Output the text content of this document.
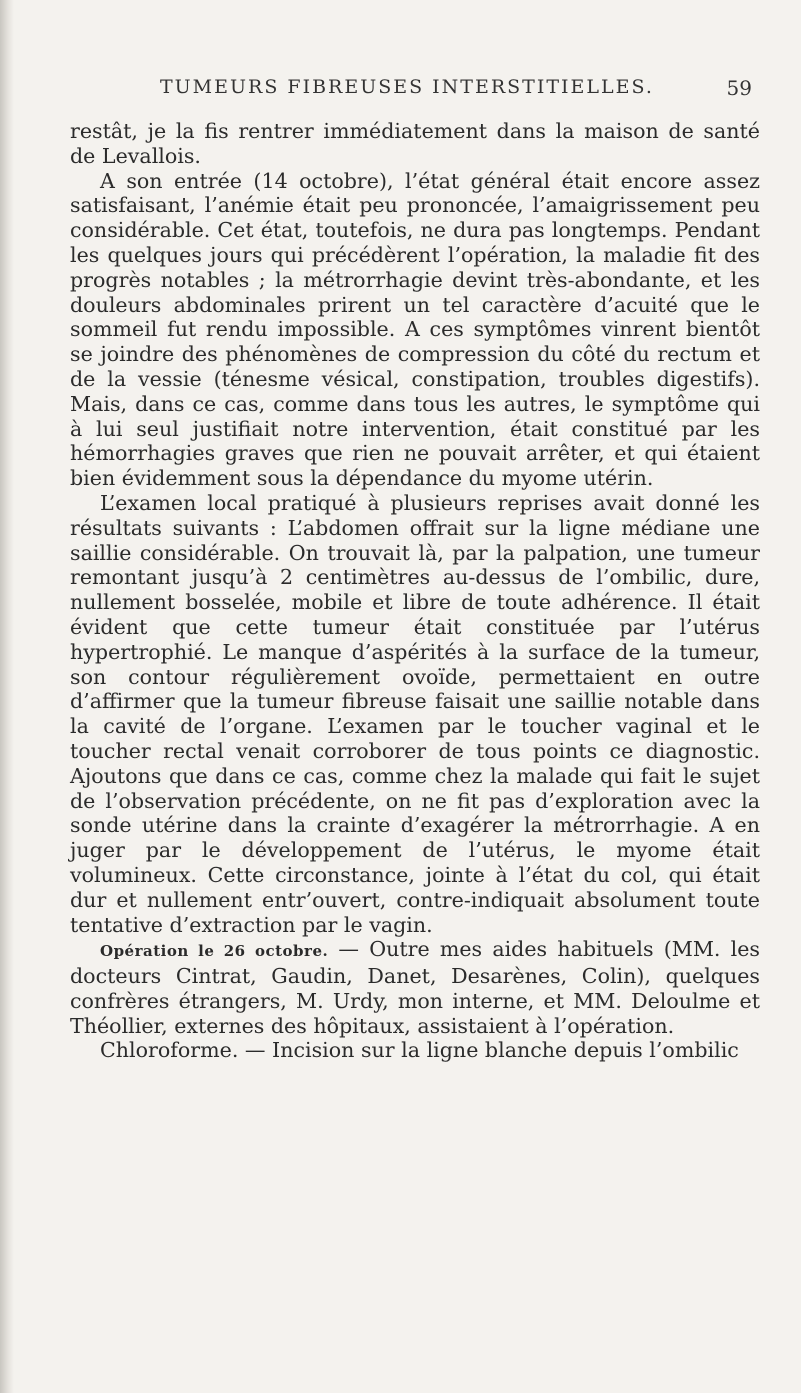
TUMEURS FIBREUSES INTERSTITIELLES.	59

restât, je la fis rentrer immédiatement dans la maison de santé de Levallois.

A son entrée (14 octobre), l’état général était encore assez satisfaisant, l’anémie était peu prononcée, l’amaigrissement peu considérable. Cet état, toutefois, ne dura pas longtemps. Pendant les quelques jours qui précédèrent l’opération, la maladie fit des progrès notables ; la métrorrhagie devint très-abondante, et les douleurs abdominales prirent un tel caractère d’acuité que le sommeil fut rendu impossible. A ces symptômes vinrent bientôt se joindre des phénomènes de compression du côté du rectum et de la vessie (ténesme vésical, constipation, troubles digestifs). Mais, dans ce cas, comme dans tous les autres, le symptôme qui à lui seul justifiait notre intervention, était constitué par les hémorrhagies graves que rien ne pouvait arrêter, et qui étaient bien évidemment sous la dépendance du myome utérin.

L’examen local pratiqué à plusieurs reprises avait donné les résultats suivants : L’abdomen offrait sur la ligne médiane une saillie considérable. On trouvait là, par la palpation, une tumeur remontant jusqu’à 2 centimètres au-dessus de l’ombilic, dure, nullement bosselée, mobile et libre de toute adhérence. Il était évident que cette tumeur était constituée par l’utérus hypertrophié. Le manque d’aspérités à la surface de la tumeur, son contour régulièrement ovoïde, permettaient en outre d’affirmer que la tumeur fibreuse faisait une saillie notable dans la cavité de l’organe. L’examen par le toucher vaginal et le toucher rectal venait corroborer de tous points ce diagnostic. Ajoutons que dans ce cas, comme chez la malade qui fait le sujet de l’observation précédente, on ne fit pas d’exploration avec la sonde utérine dans la crainte d’exagérer la métrorrhagie. A en juger par le développement de l’utérus, le myome était volumineux. Cette circonstance, jointe à l’état du col, qui était dur et nullement entr’ouvert, contre-indiquait absolument toute tentative d’extraction par le vagin.

Opération le 26 octobre. — Outre mes aides habituels (MM. les docteurs Cintrat, Gaudin, Danet, Desarènes, Colin), quelques confrères étrangers, M. Urdy, mon interne, et MM. Deloulme et Théollier, externes des hôpitaux, assistaient à l’opération.

Chloroforme. — Incision sur la ligne blanche depuis l’ombilic
